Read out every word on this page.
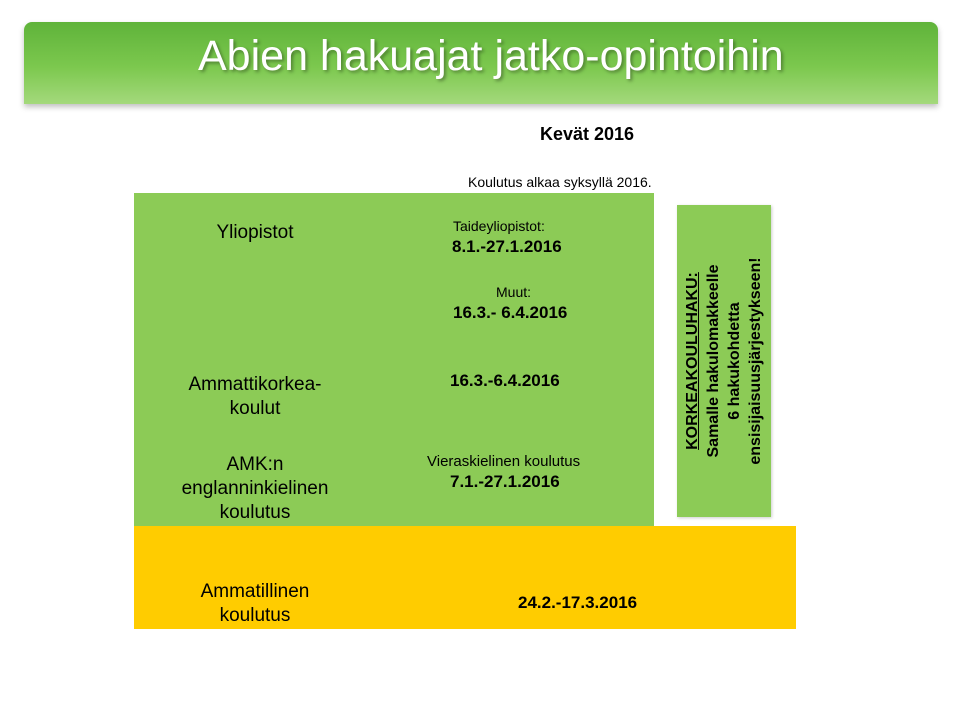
Abien hakuajat jatko-opintoihin
Kevät 2016
Koulutus alkaa syksyllä 2016.
Yliopistot	Taideyliopistot:
8.1.-27.1.2016
Muut:
16.3.- 6.4.2016
Ammattikorkea-
koulut
16.3.-6.4.2016
AMK:n
englanninkielinen
koulutus
Vieraskielinen koulutus
7.1.-27.1.2016
Ammatillinen
koulutus
24.2.-17.3.2016
KORKEAKOULUHAKU: Samalle hakulomakkeelle 6 hakukohdetta ensisijaisuusjärjestykseen!
